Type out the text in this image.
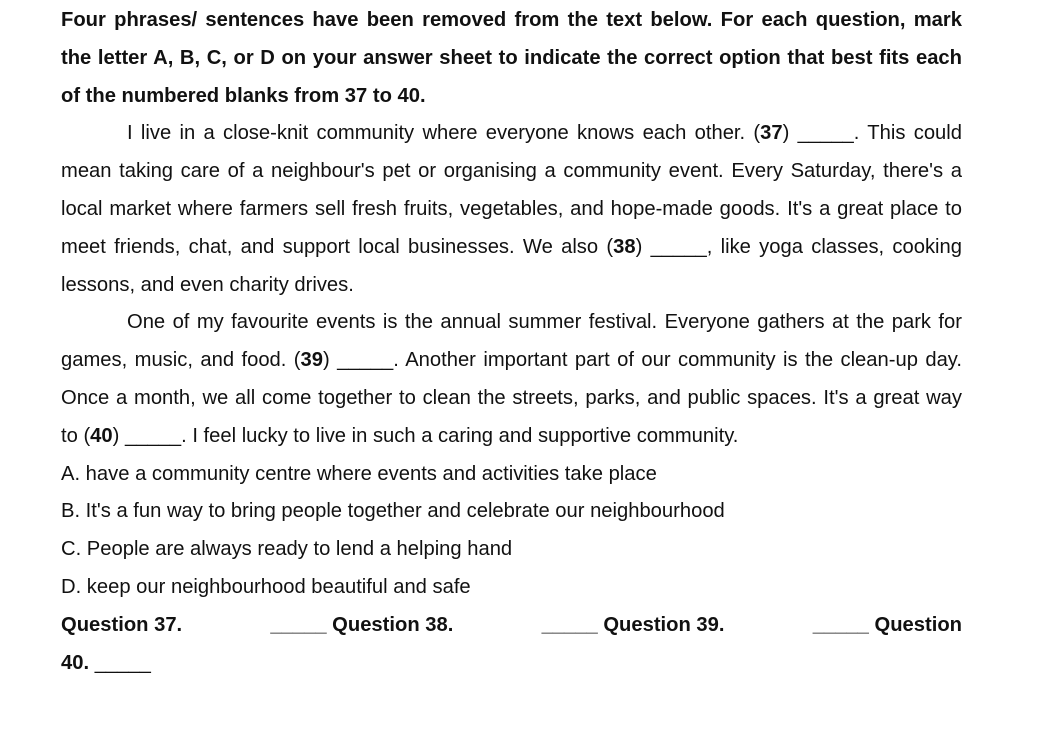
Four phrases/ sentences have been removed from the text below. For each question, mark the letter A, B, C, or D on your answer sheet to indicate the correct option that best fits each of the numbered blanks from 37 to 40.
I live in a close-knit community where everyone knows each other. (37) _____. This could mean taking care of a neighbour's pet or organising a community event. Every Saturday, there's a local market where farmers sell fresh fruits, vegetables, and hope-made goods. It's a great place to meet friends, chat, and support local businesses. We also (38) _____, like yoga classes, cooking lessons, and even charity drives.
One of my favourite events is the annual summer festival. Everyone gathers at the park for games, music, and food. (39) _____. Another important part of our community is the clean-up day. Once a month, we all come together to clean the streets, parks, and public spaces. It's a great way to (40) _____. I feel lucky to live in such a caring and supportive community.
A. have a community centre where events and activities take place
B. It's a fun way to bring people together and celebrate our neighbourhood
C. People are always ready to lend a helping hand
D. keep our neighbourhood beautiful and safe
Question 37.	_____ Question 38.	_____ Question 39.	_____ Question
40. _____
